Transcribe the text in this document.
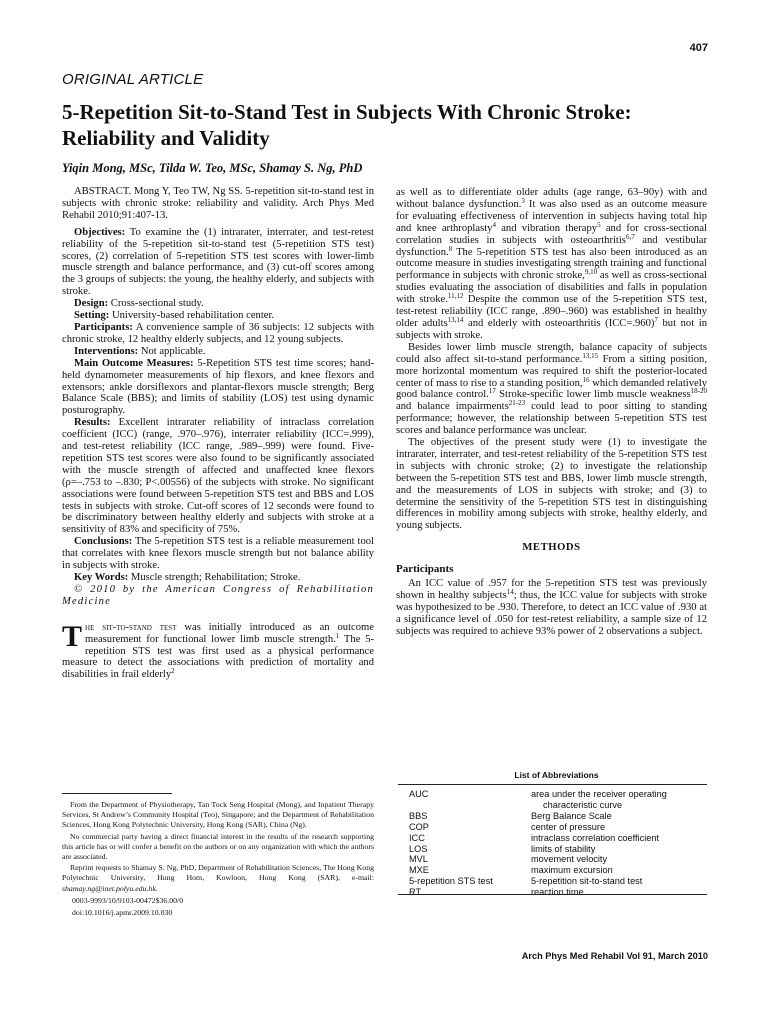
407
ORIGINAL ARTICLE
5-Repetition Sit-to-Stand Test in Subjects With Chronic Stroke: Reliability and Validity
Yiqin Mong, MSc, Tilda W. Teo, MSc, Shamay S. Ng, PhD

ABSTRACT. Mong Y, Teo TW, Ng SS. 5-repetition sit-to-stand test in subjects with chronic stroke: reliability and validity. Arch Phys Med Rehabil 2010;91:407-13.

Objectives: To examine the (1) intrarater, interrater, and test-retest reliability of the 5-repetition sit-to-stand test (5-repetition STS test) scores, (2) correlation of 5-repetition STS test scores with lower-limb muscle strength and balance performance, and (3) cut-off scores among the 3 groups of subjects: the young, the healthy elderly, and subjects with stroke.

Design: Cross-sectional study.

Setting: University-based rehabilitation center.

Participants: A convenience sample of 36 subjects: 12 subjects with chronic stroke, 12 healthy elderly subjects, and 12 young subjects.

Interventions: Not applicable.

Main Outcome Measures: 5-Repetition STS test time scores; hand-held dynamometer measurements of hip flexors, and knee flexors and extensors; ankle dorsiflexors and plantar-flexors muscle strength; Berg Balance Scale (BBS); and limits of stability (LOS) test using dynamic posturography.

Results: Excellent intrarater reliability of intraclass correlation coefficient (ICC) (range, .970–.976), interrater reliability (ICC=.999), and test-retest reliability (ICC range, .989–.999) were found. Five-repetition STS test scores were also found to be significantly associated with the muscle strength of affected and unaffected knee flexors (ρ=–.753 to –.830; P<.00556) of the subjects with stroke. No significant associations were found between 5-repetition STS test and BBS and LOS tests in subjects with stroke. Cut-off scores of 12 seconds were found to be discriminatory between healthy elderly and subjects with stroke at a sensitivity of 83% and specificity of 75%.

Conclusions: The 5-repetition STS test is a reliable measurement tool that correlates with knee flexors muscle strength but not balance ability in subjects with stroke.

Key Words: Muscle strength; Rehabilitation; Stroke.

© 2010 by the American Congress of Rehabilitation Medicine

The sit-to-stand test was initially introduced as an outcome measurement for functional lower limb muscle strength.$^1$ The 5-repetition STS test was first used as a physical performance measure to detect the associations with prediction of mortality and disabilities in frail elderly$^2$

as well as to differentiate older adults (age range, 63–90y) with and without balance dysfunction.$^3$ It was also used as an outcome measure for evaluating effectiveness of intervention in subjects having total hip and knee arthroplasty$^4$ and vibration therapy$^5$ and for cross-sectional correlation studies in subjects with osteoarthritis$^{6,7}$ and vestibular dysfunction.$^8$ The 5-repetition STS test has also been introduced as an outcome measure in studies investigating strength training and functional performance in subjects with chronic stroke,$^{9,10}$ as well as cross-sectional studies evaluating the association of disabilities and falls in population with stroke.$^{11,12}$ Despite the common use of the 5-repetition STS test, test-retest reliability (ICC range, .890–.960) was established in healthy older adults$^{13,14}$ and elderly with osteoarthritis (ICC=.960)$^7$ but not in subjects with stroke.

Besides lower limb muscle strength, balance capacity of subjects could also affect sit-to-stand performance.$^{13,15}$ From a sitting position, more horizontal momentum was required to shift the posterior-located center of mass to rise to a standing position,$^{16}$ which demanded relatively good balance control.$^{17}$ Stroke-specific lower limb muscle weakness$^{18-20}$ and balance impairments$^{21-23}$ could lead to poor sitting to standing performance; however, the relationship between 5-repetition STS test scores and balance performance was unclear.

The objectives of the present study were (1) to investigate the intrarater, interrater, and test-retest reliability of the 5-repetition STS test in subjects with chronic stroke; (2) to investigate the relationship between the 5-repetition STS test and BBS, lower limb muscle strength, and the measurements of LOS in subjects with stroke; and (3) to determine the sensitivity of the 5-repetition STS test in distinguishing differences in mobility among subjects with stroke, healthy elderly, and young subjects.

METHODS

Participants

An ICC value of .957 for the 5-repetition STS test was previously shown in healthy subjects$^{14}$; thus, the ICC value for subjects with stroke was hypothesized to be .930. Therefore, to detect an ICC value of .930 at a significance level of .050 for test-retest reliability, a sample size of 12 subjects was required to achieve 93% power of 2 observations a subject.

From the Department of Physiotherapy, Tan Tock Seng Hospital (Mong), and Inpatient Therapy Services, St Andrew’s Community Hospital (Teo), Singapore; and the Department of Rehabilitation Sciences, Hong Kong Polytechnic University, Hong Kong (SAR), China (Ng).

No commercial party having a direct financial interest in the results of the research supporting this article has or will confer a benefit on the authors or on any organization with which the authors are associated.

Reprint requests to Shamay S. Ng, PhD, Department of Rehabilitation Sciences, The Hong Kong Polytechnic University, Hung Hom, Kowloon, Hong Kong (SAR), e-mail: shamay.ng@inet.polyu.edu.hk.

0003-9993/10/9103-00472$36.00/0

doi:10.1016/j.apmr.2009.10.030

List of Abbreviations
AUC	area under the receiver operating
characteristic curve
BBS	Berg Balance Scale
COP	center of pressure
ICC	intraclass correlation coefficient
LOS	limits of stability
MVL	movement velocity
MXE	maximum excursion
5-repetition STS test	5-repetition sit-to-stand test
RT	reaction time
Arch Phys Med Rehabil Vol 91, March 2010
